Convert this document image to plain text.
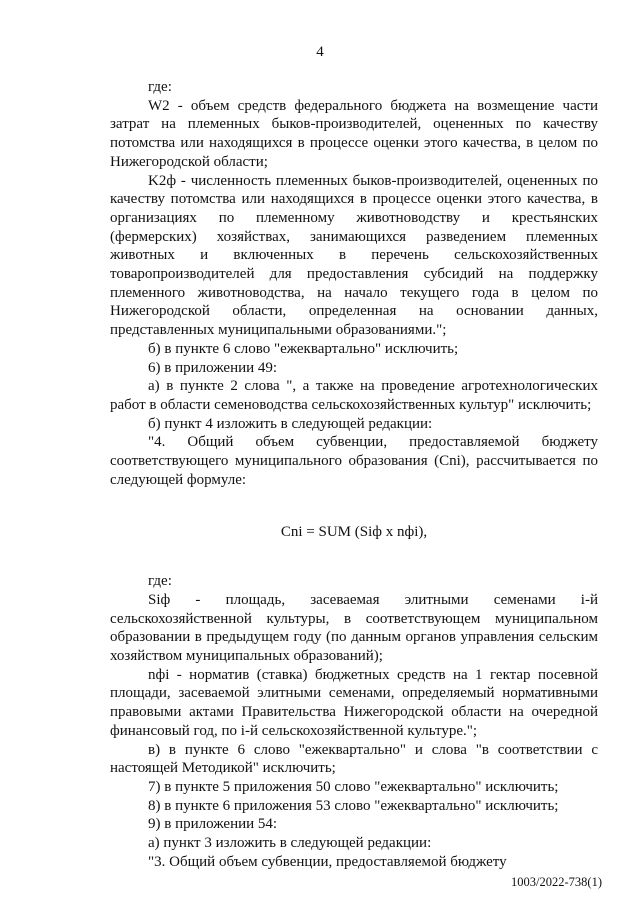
4

где:

W2 - объем средств федерального бюджета на возмещение части затрат на племенных быков-производителей, оцененных по качеству потомства или находящихся в процессе оценки этого качества, в целом по Нижегородской области;

K2ф - численность племенных быков-производителей, оцененных по качеству потомства или находящихся в процессе оценки этого качества, в организациях по племенному животноводству и крестьянских (фермерских) хозяйствах, занимающихся разведением племенных животных и включенных в перечень сельскохозяйственных товаропроизводителей для предоставления субсидий на поддержку племенного животноводства, на начало текущего года в целом по Нижегородской области, определенная на основании данных, представленных муниципальными образованиями.";

б) в пункте 6 слово "ежеквартально" исключить;

6) в приложении 49:

а) в пункте 2 слова ", а также на проведение агротехнологических работ в области семеноводства сельскохозяйственных культур" исключить;

б) пункт 4 изложить в следующей редакции:

"4. Общий объем субвенции, предоставляемой бюджету соответствующего муниципального образования (Cni), рассчитывается по следующей формуле:

Cni = SUM (Siф x nфi),

где:

Siф - площадь, засеваемая элитными семенами i-й сельскохозяйственной культуры, в соответствующем муниципальном образовании в предыдущем году (по данным органов управления сельским хозяйством муниципальных образований);

nфi - норматив (ставка) бюджетных средств на 1 гектар посевной площади, засеваемой элитными семенами, определяемый нормативными правовыми актами Правительства Нижегородской области на очередной финансовый год, по i-й сельскохозяйственной культуре.";

в) в пункте 6 слово "ежеквартально" и слова "в соответствии с настоящей Методикой" исключить;

7) в пункте 5 приложения 50 слово "ежеквартально" исключить;

8) в пункте 6 приложения 53 слово "ежеквартально" исключить;

9) в приложении 54:

а) пункт 3 изложить в следующей редакции:

"3. Общий объем субвенции, предоставляемой бюджету

1003/2022-738(1)
